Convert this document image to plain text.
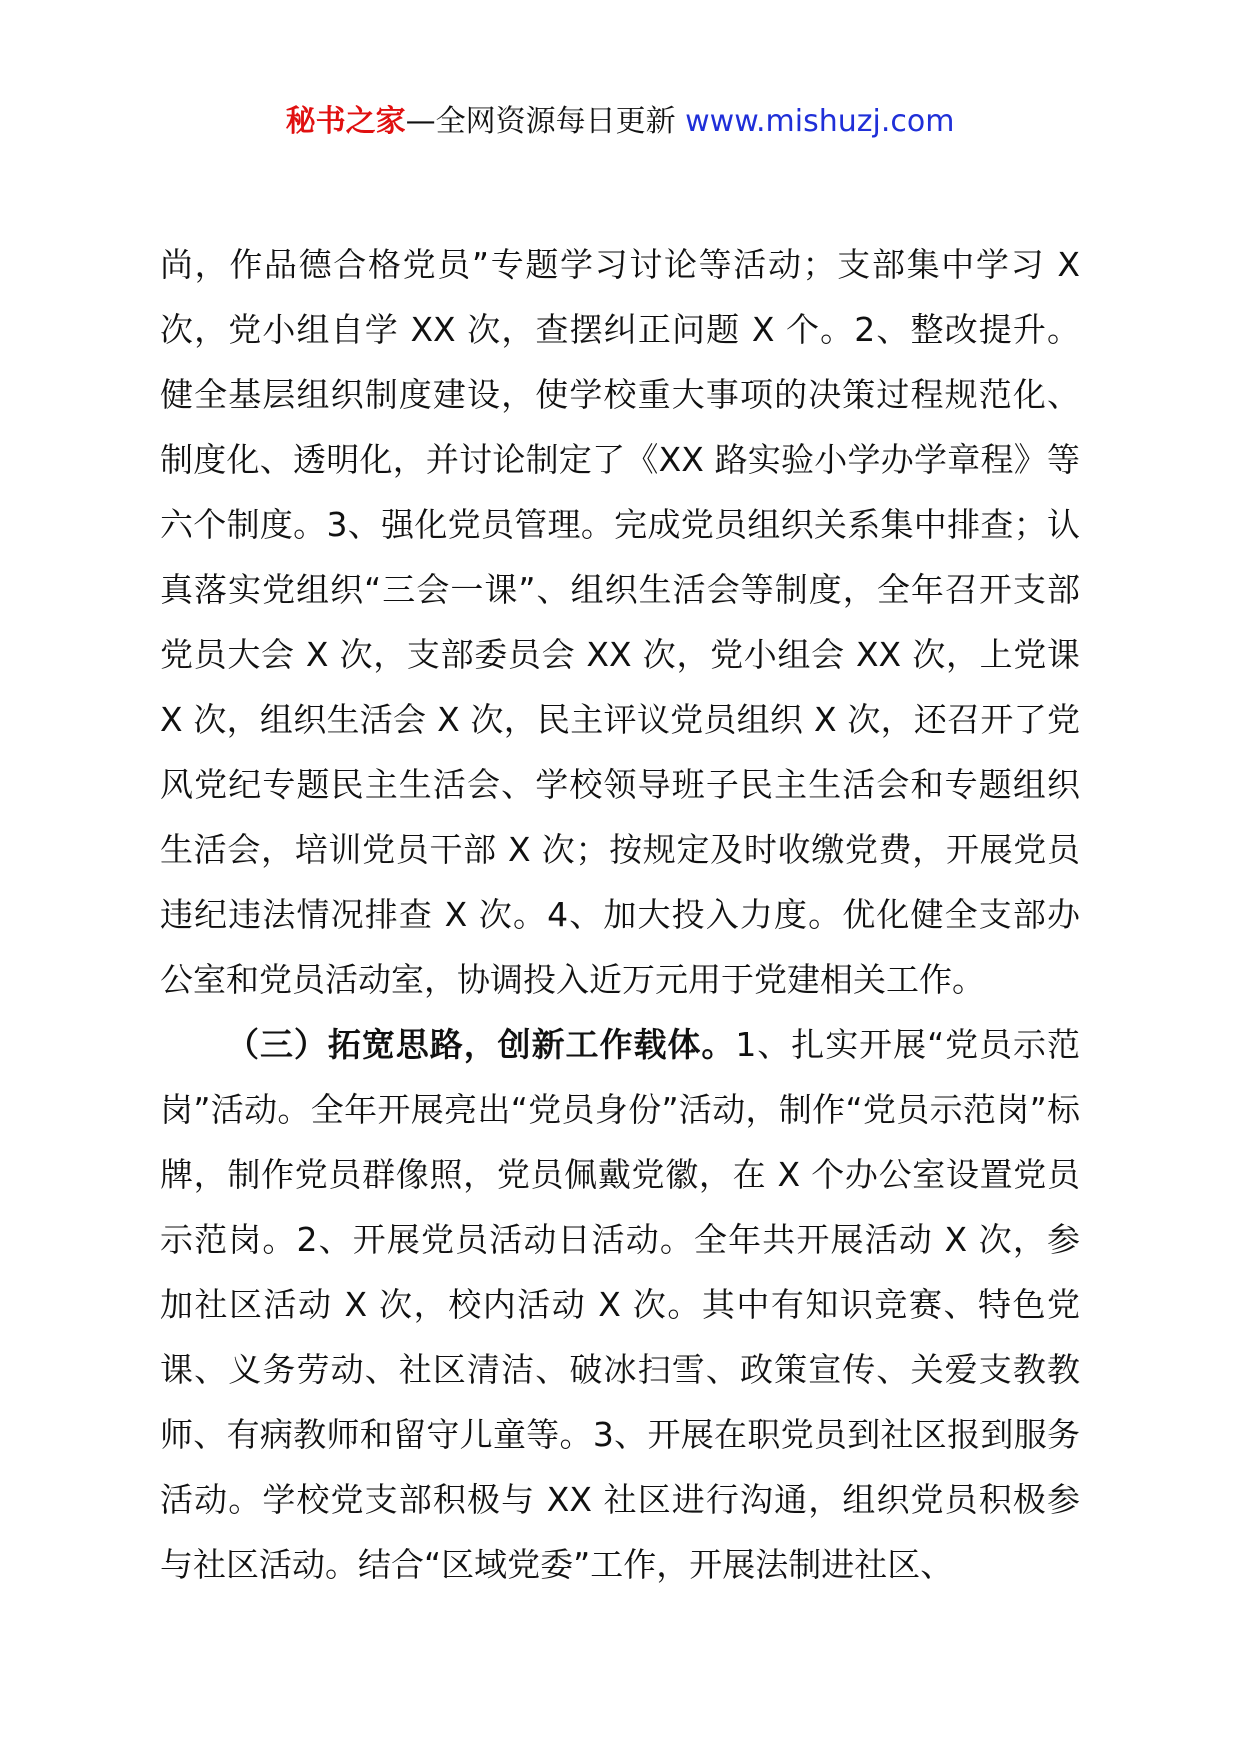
秘书之家—全网资源每日更新 www.mishuzj.com

尚，作品德合格党员”专题学习讨论等活动；支部集中学习 X 次，党小组自学 XX 次，查摆纠正问题 X 个。2、整改提升。健全基层组织制度建设，使学校重大事项的决策过程规范化、制度化、透明化，并讨论制定了《XX 路实验小学办学章程》等六个制度。3、强化党员管理。完成党员组织关系集中排查；认真落实党组织“三会一课”、组织生活会等制度，全年召开支部党员大会 X 次，支部委员会 XX 次，党小组会 XX 次，上党课 X 次，组织生活会 X 次，民主评议党员组织 X 次，还召开了党风党纪专题民主生活会、学校领导班子民主生活会和专题组织生活会，培训党员干部 X 次；按规定及时收缴党费，开展党员违纪违法情况排查 X 次。4、加大投入力度。优化健全支部办公室和党员活动室，协调投入近万元用于党建相关工作。

（三）拓宽思路，创新工作载体。1、扎实开展“党员示范岗”活动。全年开展亮出“党员身份”活动，制作“党员示范岗”标牌，制作党员群像照，党员佩戴党徽，在 X 个办公室设置党员示范岗。2、开展党员活动日活动。全年共开展活动 X 次，参加社区活动 X 次，校内活动 X 次。其中有知识竞赛、特色党课、义务劳动、社区清洁、破冰扫雪、政策宣传、关爱支教教师、有病教师和留守儿童等。3、开展在职党员到社区报到服务活动。学校党支部积极与 XX 社区进行沟通，组织党员积极参与社区活动。结合“区域党委”工作，开展法制进社区、
